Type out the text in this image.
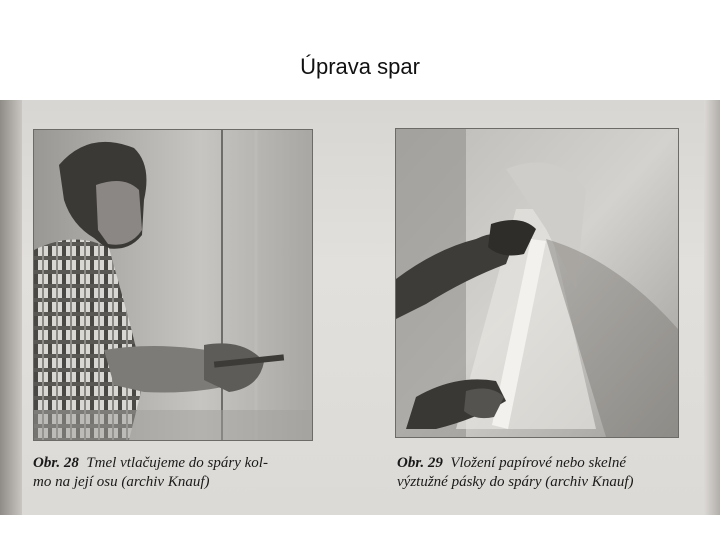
Úprava spar
Obr. 28 Tmel vtlačujeme do spáry kol-
mo na její osu (archiv Knauf)
Obr. 29 Vložení papírové nebo skelné
výztužné pásky do spáry (archiv Knauf)
